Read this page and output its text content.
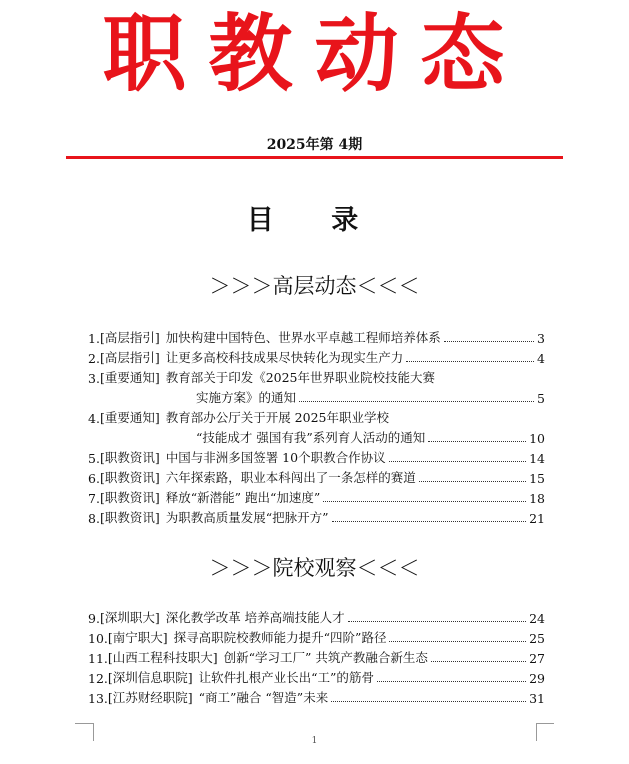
职教动态
2025年第 4期
目 录
＞＞＞高层动态＜＜＜
1. [高层指引] 加快构建中国特色、世界水平卓越工程师培养体系	3
2. [高层指引] 让更多高校科技成果尽快转化为现实生产力	4
3. [重要通知] 教育部关于印发《2025年世界职业院校技能大赛
实施方案》的通知	5
4. [重要通知] 教育部办公厅关于开展 2025年职业学校
“技能成才 强国有我”系列育人活动的通知	10
5. [职教资讯] 中国与非洲多国签署 10个职教合作协议	14
6. [职教资讯] 六年探索路，职业本科闯出了一条怎样的赛道	15
7. [职教资讯] 释放“新潜能” 跑出“加速度”	18
8. [职教资讯] 为职教高质量发展“把脉开方”	21
＞＞＞院校观察＜＜＜
9. [深圳职大] 深化教学改革 培养高端技能人才	24
10. [南宁职大] 探寻高职院校教师能力提升“四阶”路径	25
11. [山西工程科技职大] 创新“学习工厂” 共筑产教融合新生态	27
12. [深圳信息职院] 让软件扎根产业长出“工”的筋骨	29
13. [江苏财经职院] “商工”融合 “智造”未来	31
1
